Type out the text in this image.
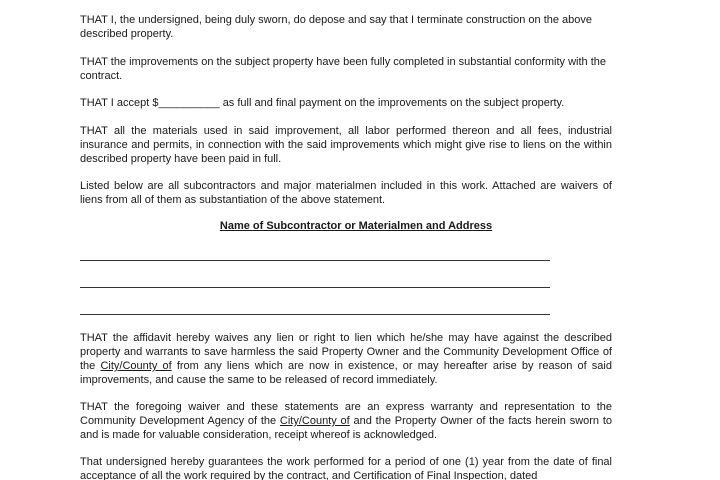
THAT I, the undersigned, being duly sworn, do depose and say that I terminate construction on the above described property.

THAT the improvements on the subject property have been fully completed in substantial conformity with the contract.

THAT I accept $__________ as full and final payment on the improvements on the subject property.

THAT all the materials used in said improvement, all labor performed thereon and all fees, industrial insurance and permits, in connection with the said improvements which might give rise to liens on the within described property have been paid in full.

Listed below are all subcontractors and major materialmen included in this work. Attached are waivers of liens from all of them as substantiation of the above statement.

Name of Subcontractor or Materialmen and Address

THAT the affidavit hereby waives any lien or right to lien which he/she may have against the described property and warrants to save harmless the said Property Owner and the Community Development Office of the City/County of from any liens which are now in existence, or may hereafter arise by reason of said improvements, and cause the same to be released of record immediately.

THAT the foregoing waiver and these statements are an express warranty and representation to the Community Development Agency of the City/County of and the Property Owner of the facts herein sworn to and is made for valuable consideration, receipt whereof is acknowledged.

That undersigned hereby guarantees the work performed for a period of one (1) year from the date of final acceptance of all the work required by the contract, and Certification of Final Inspection, dated
